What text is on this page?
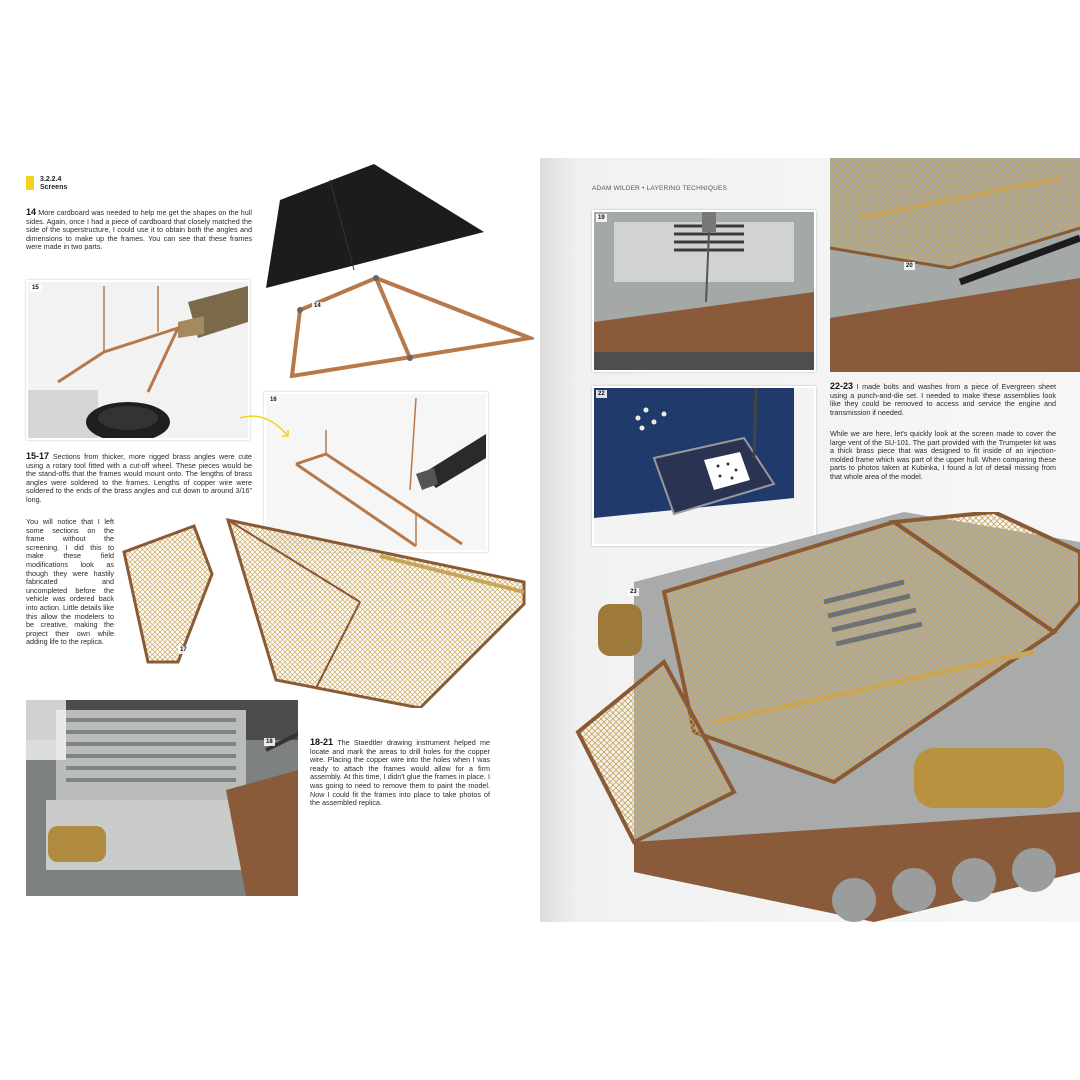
3.2.2.4
Screens	ADAM WILDER • LAYERING TECHNIQUES
14 More cardboard was needed to help me get the shapes on the hull sides. Again, once I had a piece of cardboard that closely matched the side of the superstructure, I could use it to obtain both the angles and dimensions to make up the frames. You can see that these frames were made in two parts.
14
15
15-17 Sections from thicker, more rigged brass angles were cute using a rotary tool fitted with a cut-off wheel. These pieces would be the stand-offs that the frames would mount onto. The lengths of brass angles were soldered to the frames. Lengths of copper wire were soldered to the ends of the brass angles and cut down to around 3/16" long.
You will notice that I left some sections on the frame without the screening. I did this to make these field modifications look as though they were hastily fabricated and uncompleted before the vehicle was ordered back into action. Little details like this allow the modelers to be creative, making the project their own while adding life to the replica.
16
17
18	18-21 The Staedtler drawing instrument helped me locate and mark the areas to drill holes for the copper wire. Placing the copper wire into the holes when I was ready to attach the frames would allow for a firm assembly. At this time, I didn't glue the frames in place. I was going to need to remove them to paint the model. Now I could fit the frames into place to take photos of the assembled replica.
19
20
22
22-23 I made bolts and washes from a piece of Evergreen sheet using a punch-and-die set. I needed to make these assemblies look like they could be removed to access and service the engine and transmission if needed.
While we are here, let's quickly look at the screen made to cover the large vent of the SU-101. The part provided with the Trumpeter kit was a thick brass piece that was designed to fit inside of an injection-molded frame which was part of the upper hull. When comparing these parts to photos taken at Kubinka, I found a lot of detail missing from that whole area of the model.
23
